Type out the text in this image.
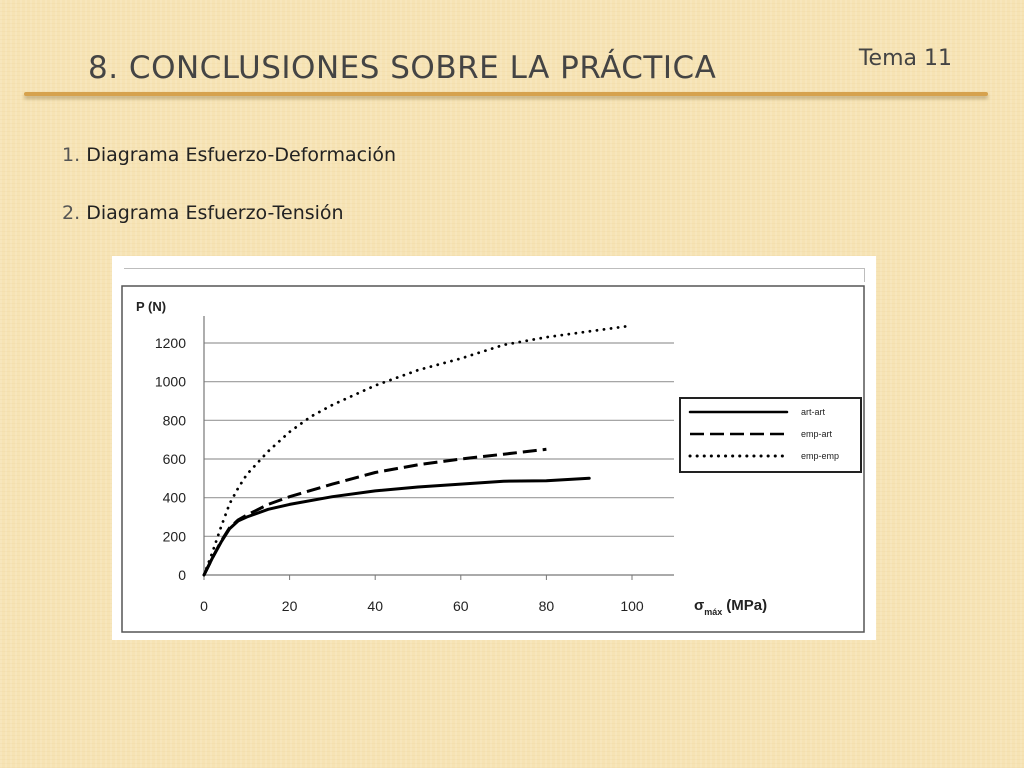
8. CONCLUSIONES SOBRE LA PRÁCTICA	Tema 11
1. Diagrama Esfuerzo-Deformación
2. Diagrama Esfuerzo-Tensión
0
200
400
600
800
1000
1200
0	20	40	60	80	100
P (N)
$\sigma_{máx}$ (MPa)
art-art
emp-art
emp-emp
